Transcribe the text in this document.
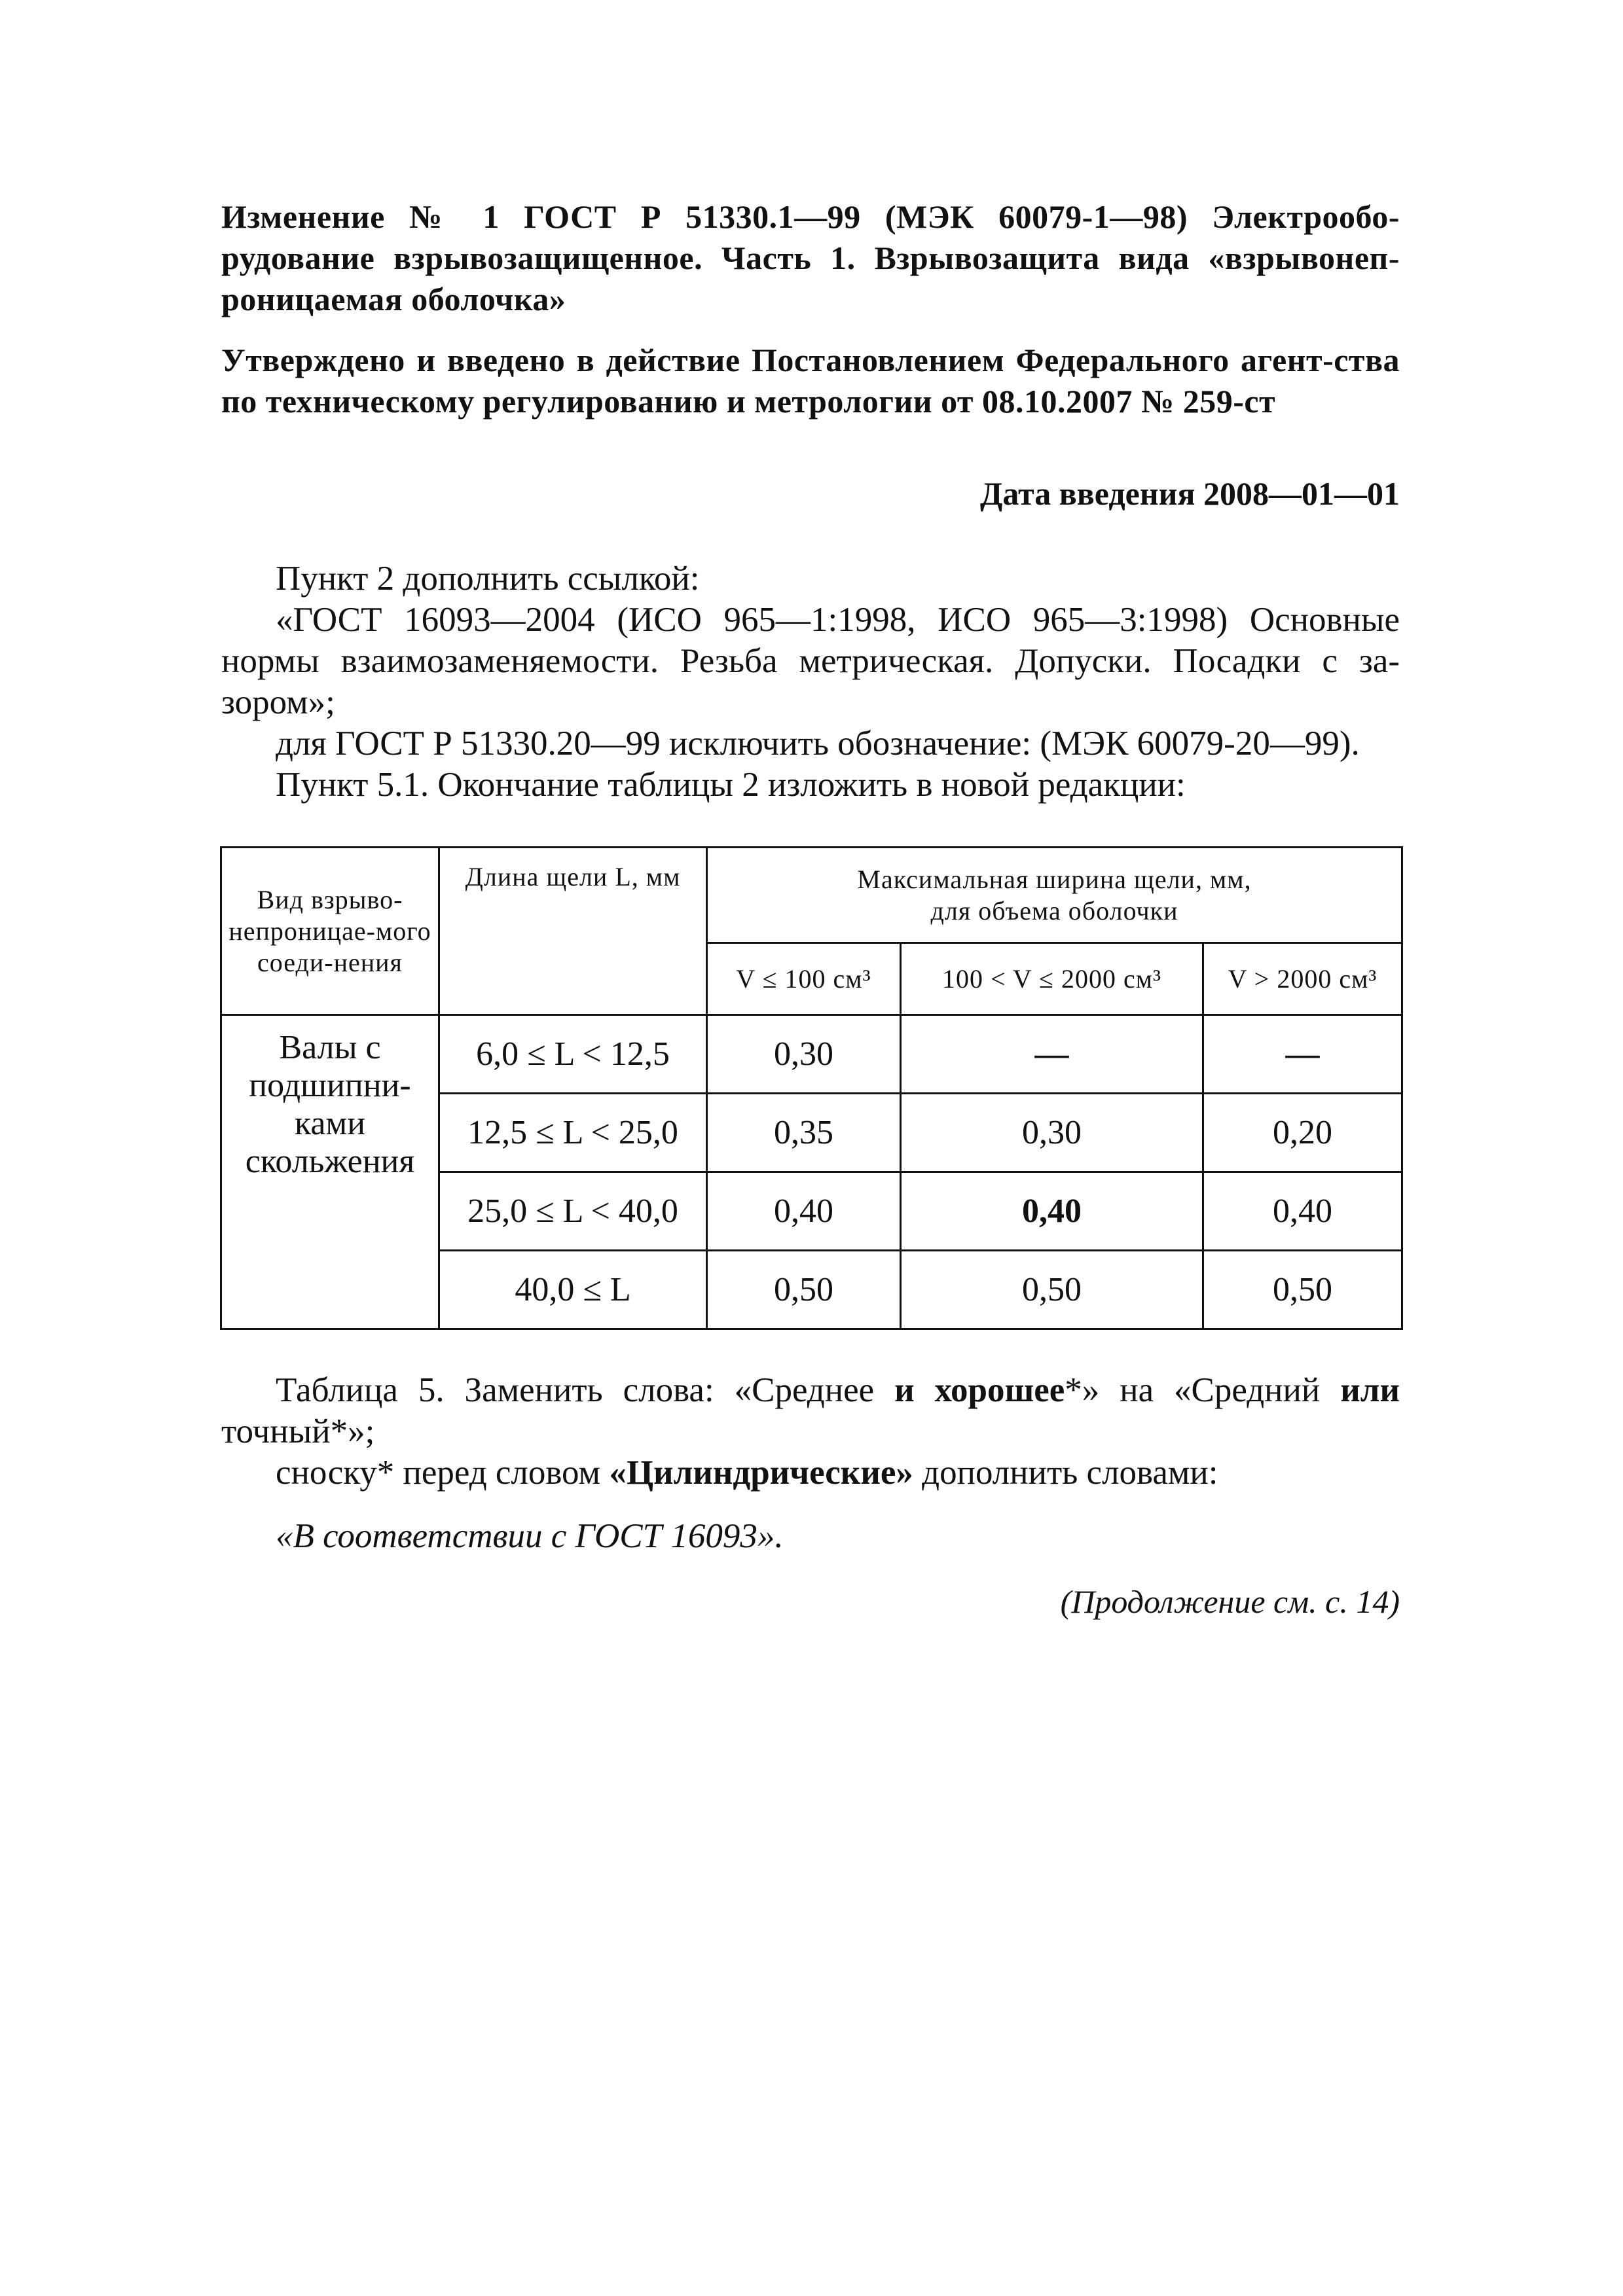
Изменение № 1 ГОСТ Р 51330.1—99 (МЭК 60079-1—98) Электрообо-рудование взрывозащищенное. Часть 1. Взрывозащита вида «взрывонеп-роницаемая оболочка»
Утверждено и введено в действие Постановлением Федерального агент-ства по техническому регулированию и метрологии от 08.10.2007 № 259-ст
Дата введения 2008—01—01

Пункт 2 дополнить ссылкой:

«ГОСТ 16093—2004 (ИСО 965—1:1998, ИСО 965—3:1998) Основные нормы взаимозаменяемости. Резьба метрическая. Допуски. Посадки с за-зором»;

для ГОСТ Р 51330.20—99 исключить обозначение: (МЭК 60079-20—99).

Пункт 5.1. Окончание таблицы 2 изложить в новой редакции:

Вид взрыво-непроницае-мого соеди-нения	Длина щели L, мм	Максимальная ширина щели, мм, для объема оболочки		
		V ≤ 100 см³	100 < V ≤ 2000 см³	V > 2000 см³
Валы с подшипни-ками скольжения	6,0 ≤ L < 12,5	0,30	—	—
	12,5 ≤ L < 25,0	0,35	0,30	0,20
	25,0 ≤ L < 40,0	0,40	0,40	0,40
	40,0 ≤ L	0,50	0,50	0,50

Таблица 5. Заменить слова: «Среднее и хорошее*» на «Средний или точный*»;

сноску* перед словом «Цилиндрические» дополнить словами:

«В соответствии с ГОСТ 16093».

(Продолжение см. с. 14)
